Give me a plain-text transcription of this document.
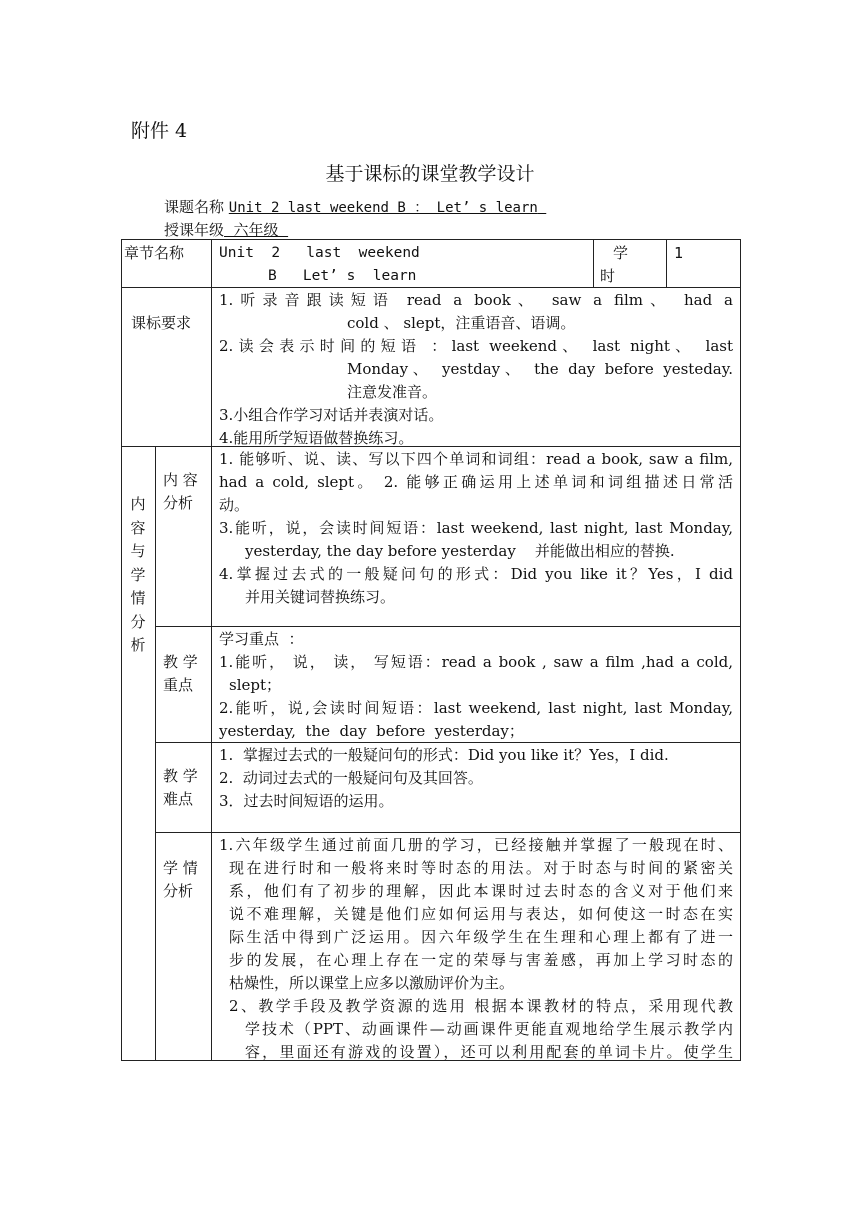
附件 4
基于课标的课堂教学设计
课题名称 Unit 2 last weekend B ： Let’ s learn
授课年级  六年级
章节名称 Unit  2   last  weekend

B   Let’ s  learn

学
时
1
课标要求

1.听录音跟读短语 read a book、 saw a film、 had a

cold 、 slept，注重语音、语调。

2.读会表示时间的短语 ：last weekend、 last night、 last

Monday、 yestday、 the day before yesteday.

注意发准音。

3.小组合作学习对话并表演对话。

4.能用所学短语做替换练习。

内
容
与
学
情
分
析
内 容
分析

1. 能够听、说、读、写以下四个单词和词组：read a book, saw a film,

had a cold, slept。 2. 能够正确运用上述单词和词组描述日常活

动。

3.能听，说，会读时间短语：last weekend, last night, last Monday,

yesterday, the day before yesterday    并能做出相应的替换.

4.掌握过去式的一般疑问句的形式：Did you like it？Yes，I did

并用关键词替换练习。

教 学
重点

学习重点  ：

1.能听， 说， 读， 写短语：read a book , saw a film ,had a cold,

slept；

2.能听，说,会读时间短语：last weekend, last night, last Monday,

yesterday,  the  day  before  yesterday；

教 学
难点

1.  掌握过去式的一般疑问句的形式：Did you like it？Yes，I did.

2.  动词过去式的一般疑问句及其回答。

3．过去时间短语的运用。

学 情
分析

1.六年级学生通过前面几册的学习，已经接触并掌握了一般现在时、

现在进行时和一般将来时等时态的用法。对于时态与时间的紧密关

系，他们有了初步的理解，因此本课时过去时态的含义对于他们来

说不难理解，关键是他们应如何运用与表达，如何使这一时态在实

际生活中得到广泛运用。因六年级学生在生理和心理上都有了进一

步的发展，在心理上存在一定的荣辱与害羞感，再加上学习时态的

枯燥性，所以课堂上应多以激励评价为主。

2、教学手段及教学资源的选用 根据本课教材的特点，采用现代教

学技术（PPT、动画课件—动画课件更能直观地给学生展示教学内

容，里面还有游戏的设置），还可以利用配套的单词卡片。使学生
